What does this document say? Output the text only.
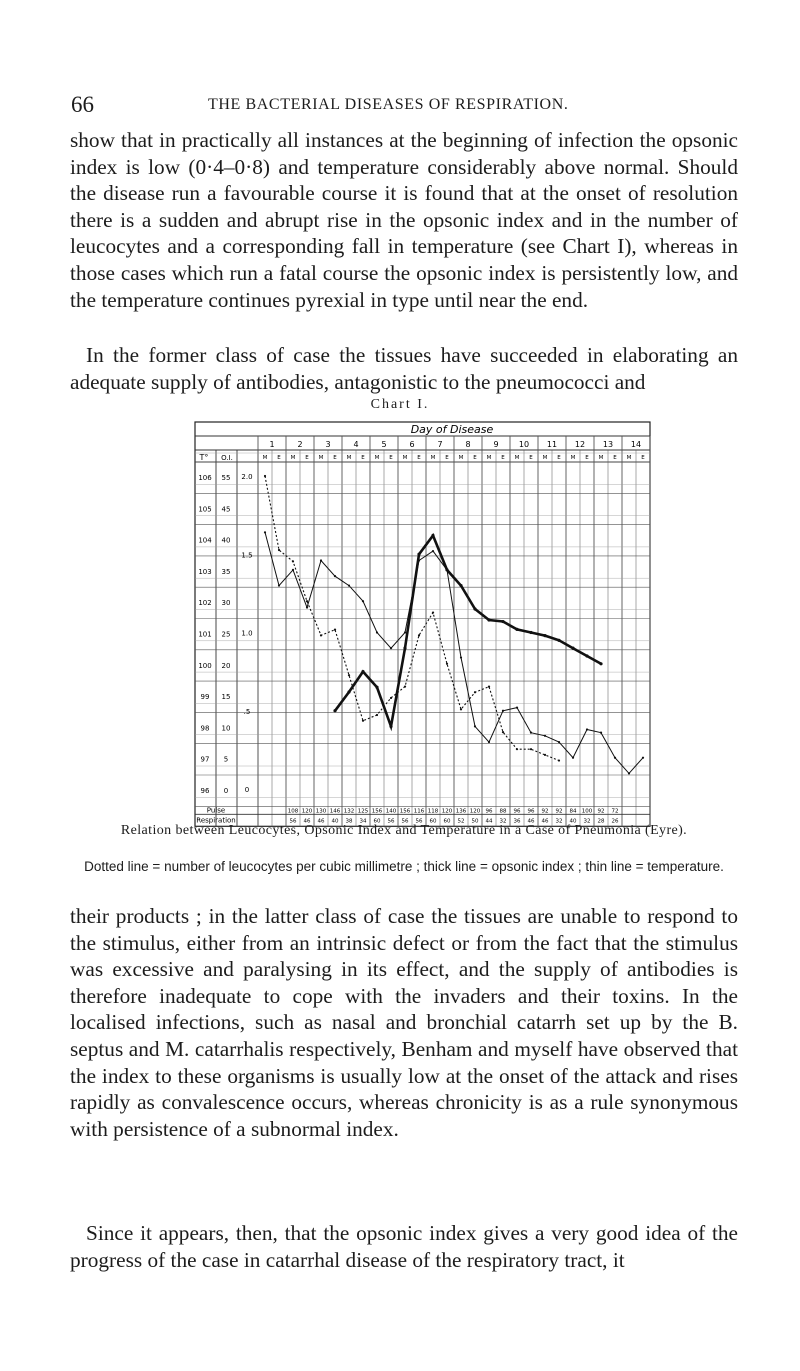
66	THE BACTERIAL DISEASES OF RESPIRATION.

show that in practically all instances at the beginning of infection the opsonic index is low (0·4–0·8) and temperature considerably above normal. Should the disease run a favourable course it is found that at the onset of resolution there is a sudden and abrupt rise in the opsonic index and in the number of leucocytes and a corresponding fall in temperature (see Chart I), whereas in those cases which run a fatal course the opsonic index is persistently low, and the temperature continues pyrexial in type until near the end.

In the former class of case the tissues have succeeded in elaborating an adequate supply of antibodies, antagonistic to the pneumococci and

Chart I.
Day of Disease
T° O.I.
1	2	3	4	5	6	7	8	9	10 11 12 13 14
M E M E M E M E M E M E M E M E M E M E M E M E M E M E
106
105
104
103
102
101
100
99
98
97
96
55
45
40
35
30
25
20
15
10
5
0
2.0
1.5
1.0
.5
0
Pulse	108 120 130 146 132 125 156 140 156 116 118 120 136 120 96 88 96 96 92 92 84 100 92 72
Respiration	56 46 46 40 38 34 60 56 56 56 60 60 52 50 44 32 36 46 46 32 40 32 28 26
Relation between Leucocytes, Opsonic Index and Temperature in a Case of Pneumonia (Eyre).
Dotted line = number of leucocytes per cubic millimetre ; thick line = opsonic index ; thin line = temperature.

their products ; in the latter class of case the tissues are unable to respond to the stimulus, either from an intrinsic defect or from the fact that the stimulus was excessive and paralysing in its effect, and the supply of antibodies is therefore inadequate to cope with the invaders and their toxins. In the localised infections, such as nasal and bronchial catarrh set up by the B. septus and M. catarrhalis respectively, Benham and myself have observed that the index to these organisms is usually low at the onset of the attack and rises rapidly as convalescence occurs, whereas chronicity is as a rule synonymous with persistence of a subnormal index.

Since it appears, then, that the opsonic index gives a very good idea of the progress of the case in catarrhal disease of the respiratory tract, it
